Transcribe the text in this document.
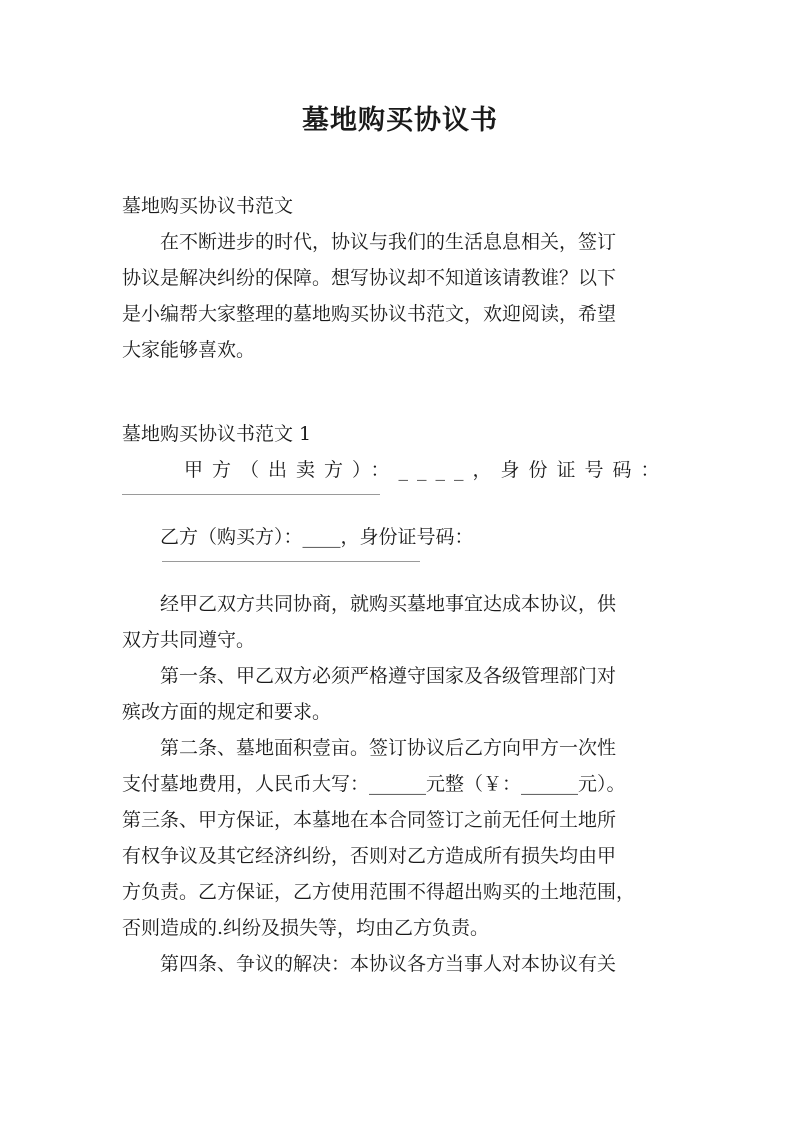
墓地购买协议书
墓地购买协议书范文
在不断进步的时代，协议与我们的生活息息相关，签订
协议是解决纠纷的保障。想写协议却不知道该请教谁？以下
是小编帮大家整理的墓地购买协议书范文，欢迎阅读，希望
大家能够喜欢。
墓地购买协议书范文 1
甲方（出卖方）：____，身份证号码：
乙方（购买方）：____，身份证号码：
经甲乙双方共同协商，就购买墓地事宜达成本协议，供
双方共同遵守。
第一条、甲乙双方必须严格遵守国家及各级管理部门对
殡改方面的规定和要求。
第二条、墓地面积壹亩。签订协议后乙方向甲方一次性
支付墓地费用，人民币大写：______元整（￥：______元）。
第三条、甲方保证，本墓地在本合同签订之前无任何土地所
有权争议及其它经济纠纷，否则对乙方造成所有损失均由甲
方负责。乙方保证，乙方使用范围不得超出购买的土地范围，
否则造成的.纠纷及损失等，均由乙方负责。
第四条、争议的解决：本协议各方当事人对本协议有关
